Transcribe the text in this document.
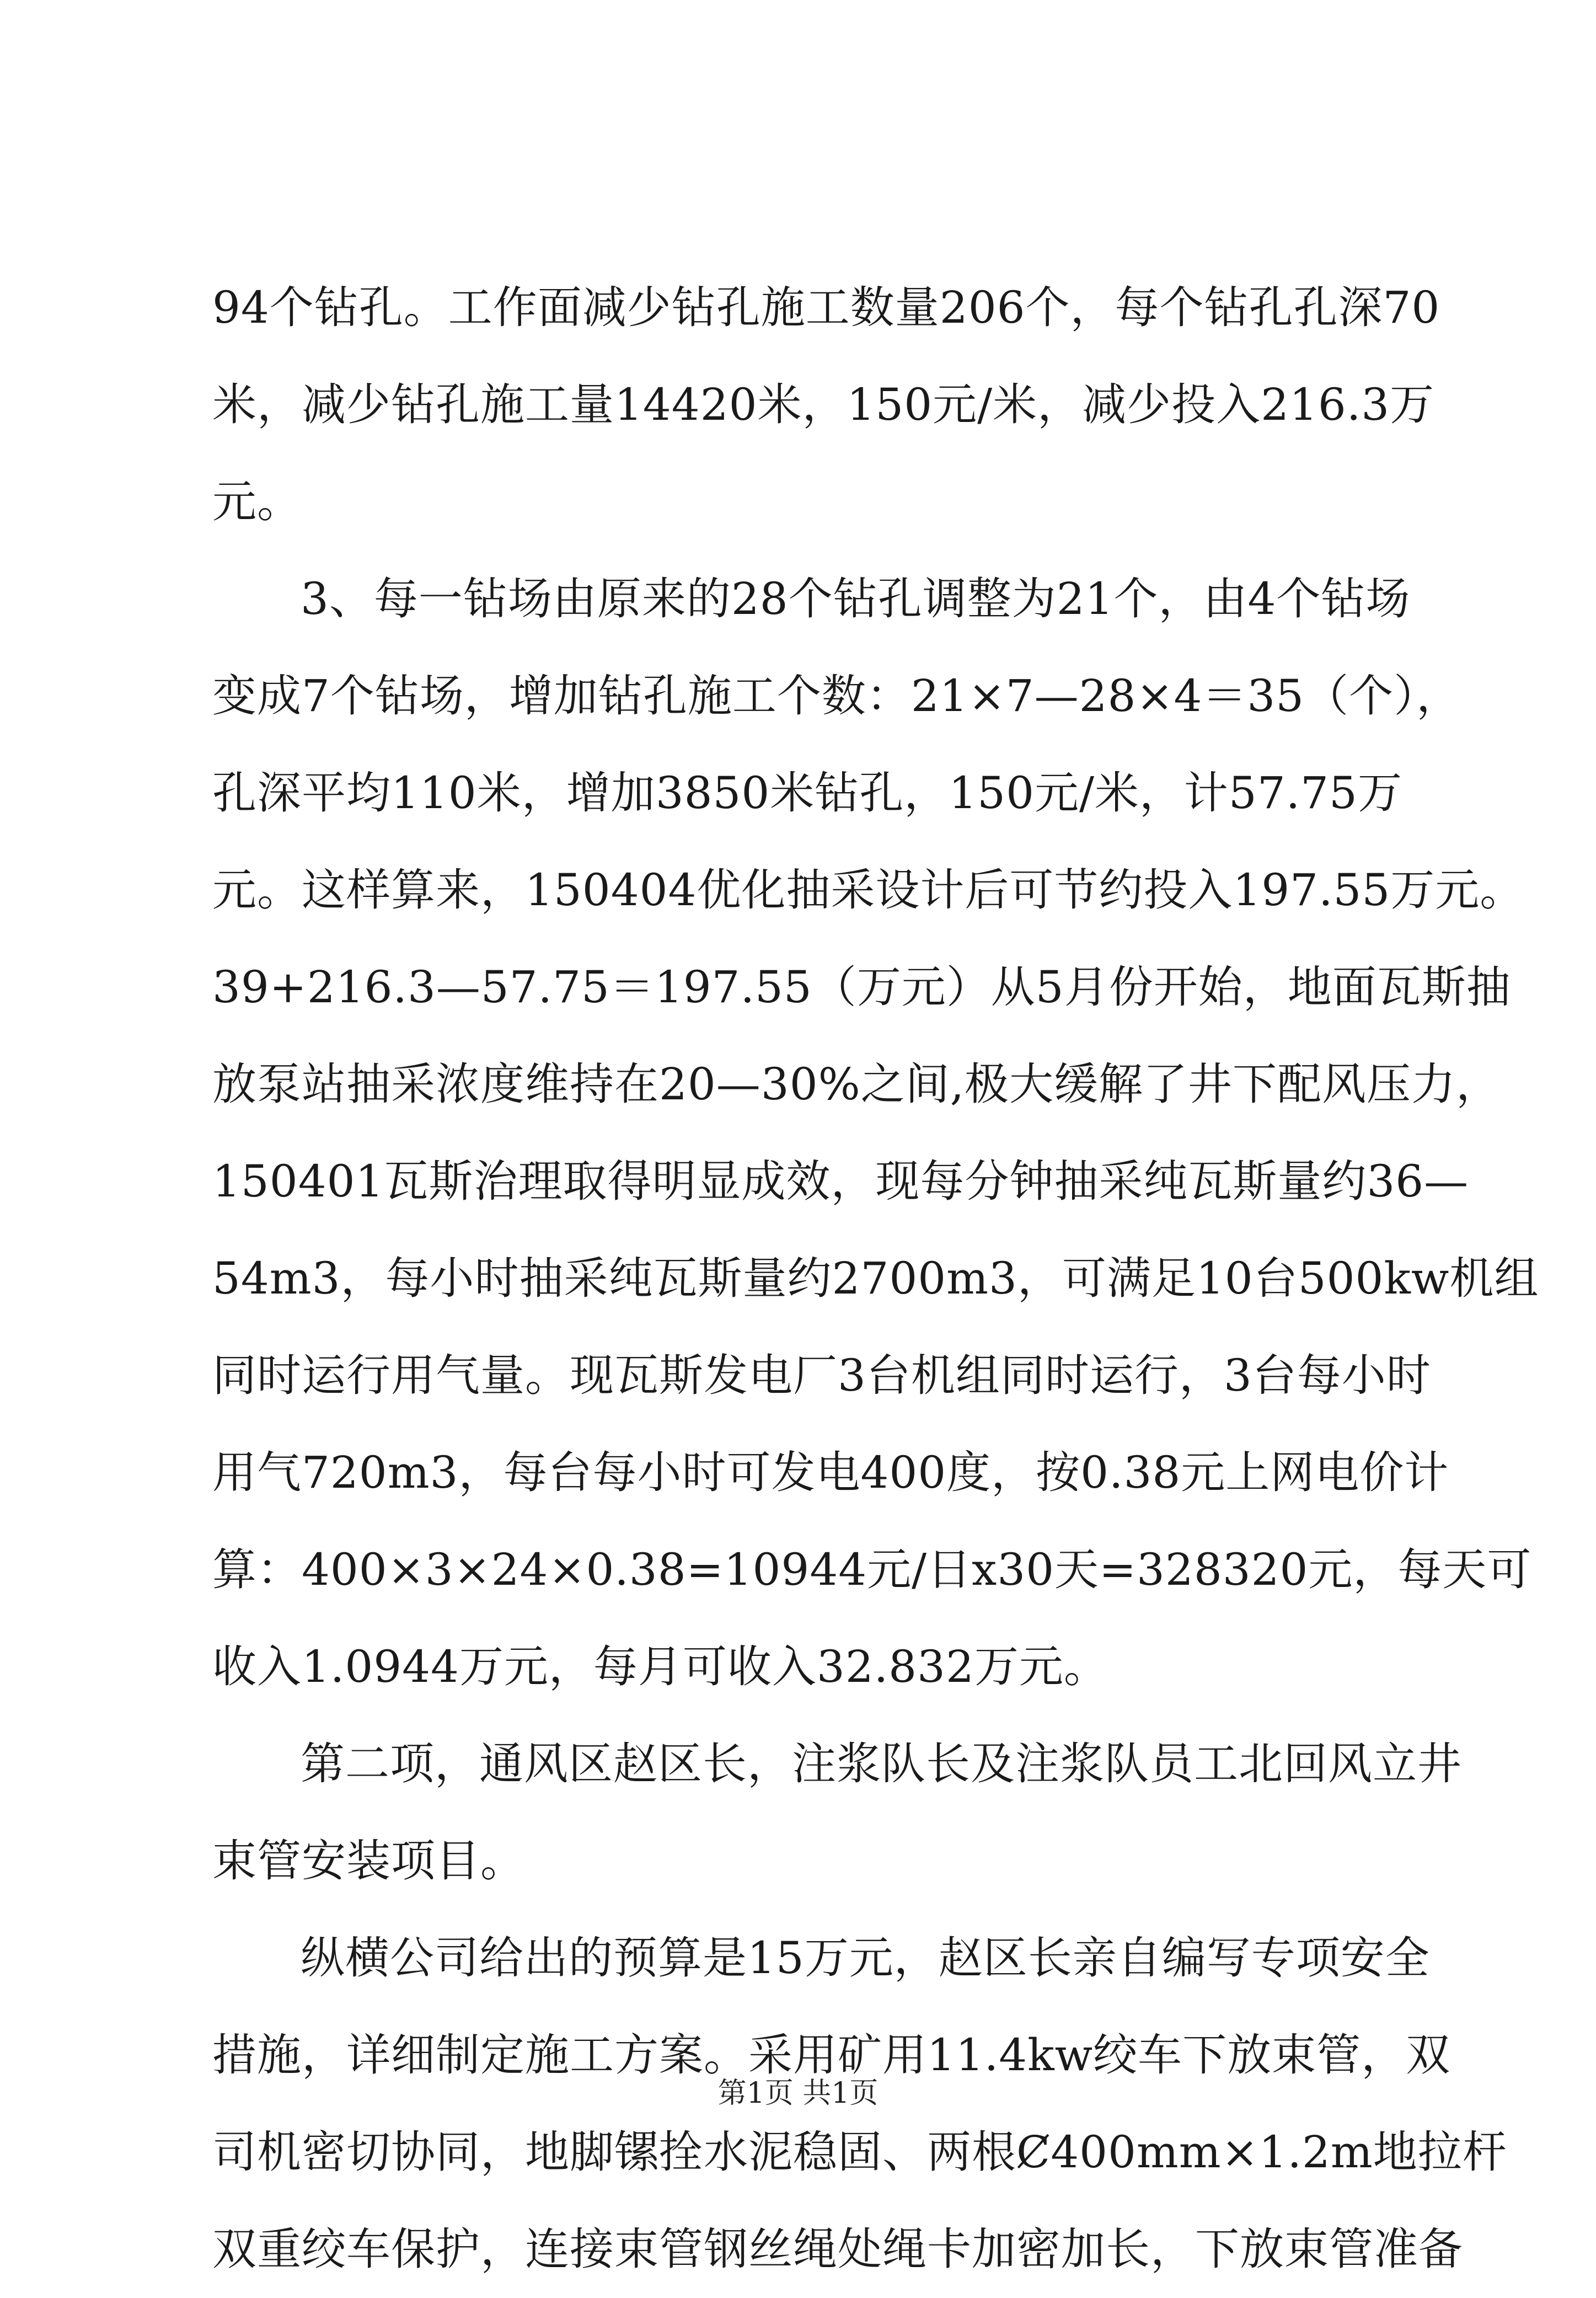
94个钻孔。工作面减少钻孔施工数量206个，每个钻孔孔深70
米，减少钻孔施工量14420米，150元/米，减少投入216.3万
元。
3、每一钻场由原来的28个钻孔调整为21个，由4个钻场
变成7个钻场，增加钻孔施工个数：21×7—28×4＝35（个），
孔深平均110米，增加3850米钻孔，150元/米，计57.75万
元。这样算来，150404优化抽采设计后可节约投入197.55万元。
39+216.3—57.75＝197.55（万元）从5月份开始，地面瓦斯抽
放泵站抽采浓度维持在20—30%之间,极大缓解了井下配风压力，
150401瓦斯治理取得明显成效，现每分钟抽采纯瓦斯量约36—
54m3，每小时抽采纯瓦斯量约2700m3，可满足10台500kw机组
同时运行用气量。现瓦斯发电厂3台机组同时运行，3台每小时
用气720m3，每台每小时可发电400度，按0.38元上网电价计
算：400×3×24×0.38=10944元/日x30天=328320元，每天可
收入1.0944万元，每月可收入32.832万元。
第二项，通风区赵区长，注浆队长及注浆队员工北回风立井
束管安装项目。
纵横公司给出的预算是15万元，赵区长亲自编写专项安全
措施，详细制定施工方案。采用矿用11.4kw绞车下放束管，双
司机密切协同，地脚镙拴水泥稳固、两根Ȼ400mm×1.2m地拉杆
双重绞车保护，连接束管钢丝绳处绳卡加密加长，下放束管准备
第1页 共1页
